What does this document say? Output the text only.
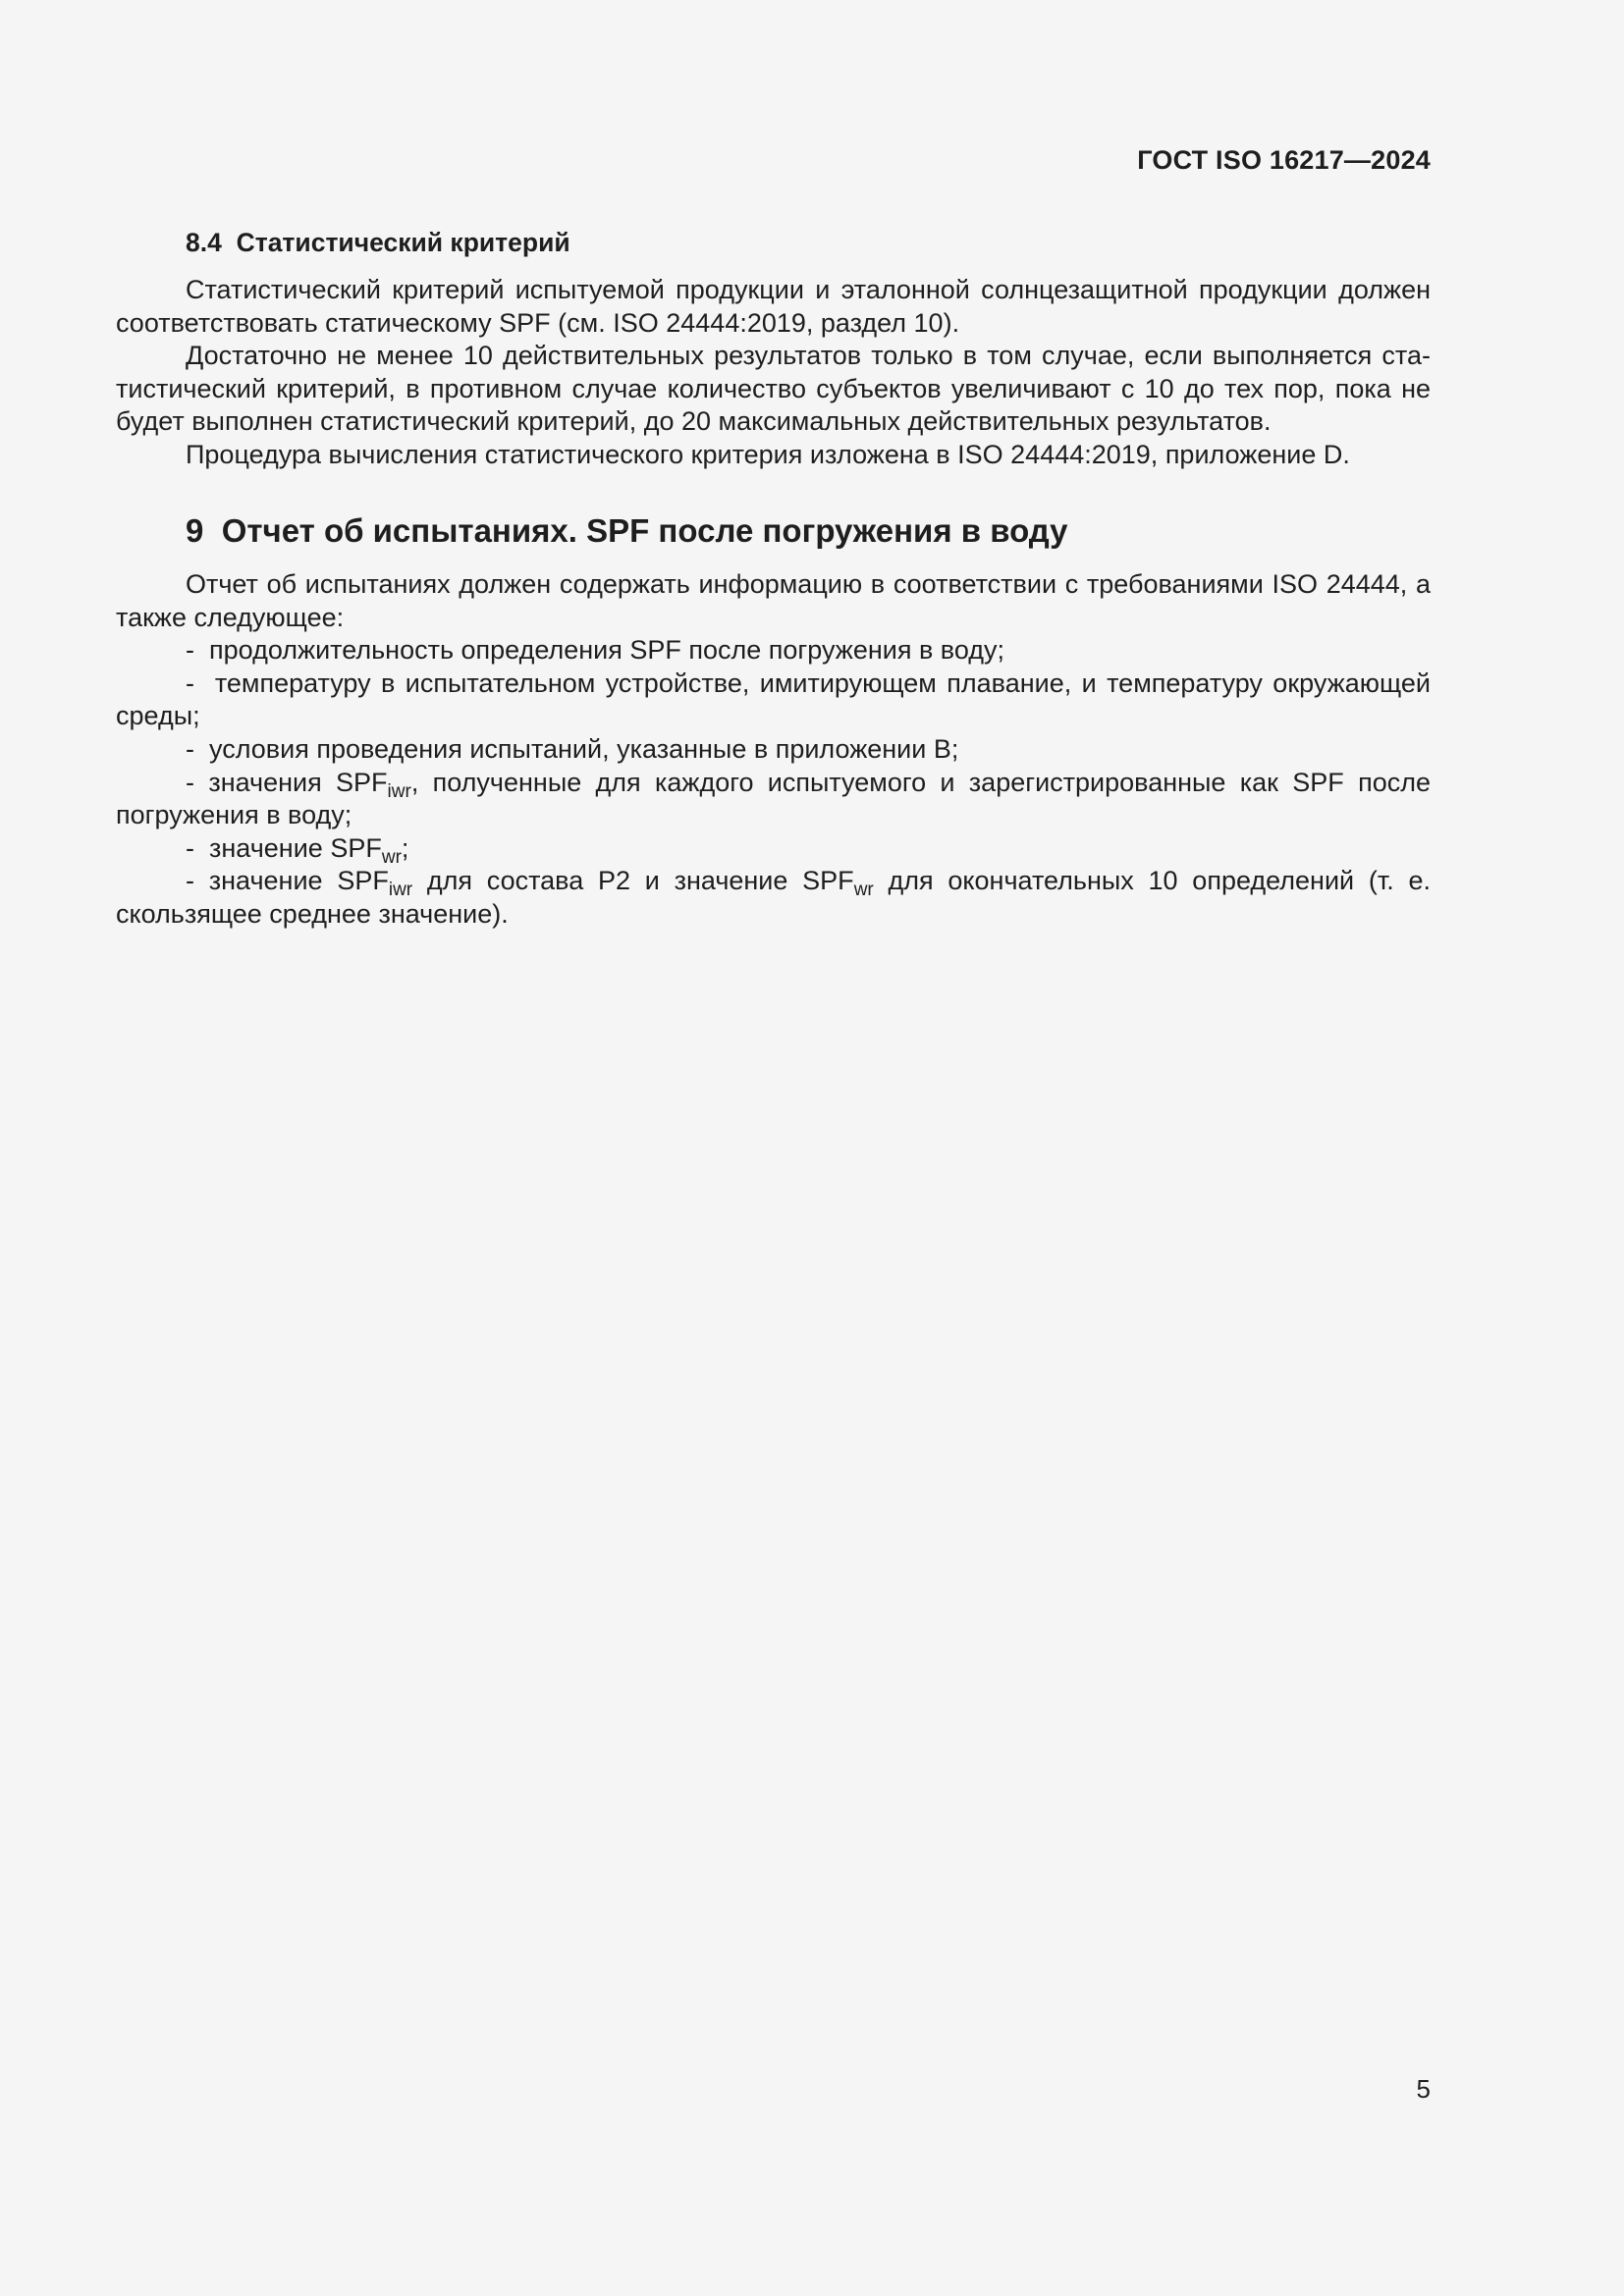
ГОСТ ISO 16217—2024
8.4 Статистический критерий

Статистический критерий испытуемой продукции и эталонной солнцезащитной продукции должен соответствовать статическому SPF (см. ISO 24444:2019, раздел 10).

Достаточно не менее 10 действительных результатов только в том случае, если выполняется статистический критерий, в противном случае количество субъектов увеличивают с 10 до тех пор, пока не будет выполнен статистический критерий, до 20 максимальных действительных результатов.

Процедура вычисления статистического критерия изложена в ISO 24444:2019, приложение D.

9 Отчет об испытаниях. SPF после погружения в воду

Отчет об испытаниях должен содержать информацию в соответствии с требованиями ISO 24444, а также следующее:

- продолжительность определения SPF после погружения в воду;

- температуру в испытательном устройстве, имитирующем плавание, и температуру окружающей среды;

- условия проведения испытаний, указанные в приложении В;

- значения $SPF_{iwr}$, полученные для каждого испытуемого и зарегистрированные как SPF после погружения в воду;

- значение $SPF_{wr}$;

- значение $SPF_{iwr}$ для состава Р2 и значение $SPF_{wr}$ для окончательных 10 определений (т. е. скользящее среднее значение).

5
